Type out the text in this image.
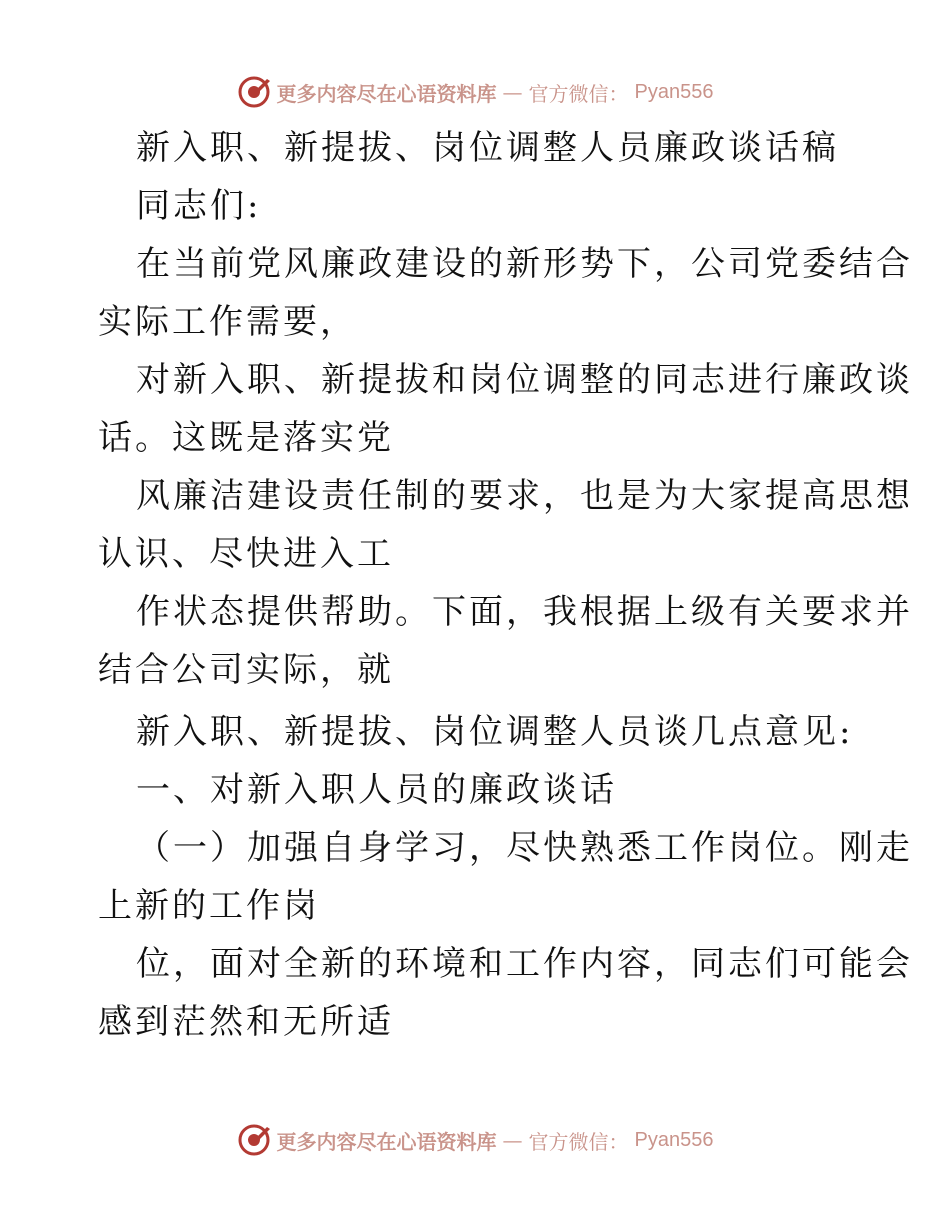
更多内容尽在心语资料库 — 官方微信： Pyan556
新入职、新提拔、岗位调整人员廉政谈话稿
同志们:
在当前党风廉政建设的新形势下，公司党委结合
实际工作需要，
对新入职、新提拔和岗位调整的同志进行廉政谈
话。这既是落实党
风廉洁建设责任制的要求，也是为大家提高思想
认识、尽快进入工
作状态提供帮助。下面，我根据上级有关要求并
结合公司实际，就
新入职、新提拔、岗位调整人员谈几点意见:
一、对新入职人员的廉政谈话
（一）加强自身学习，尽快熟悉工作岗位。刚走
上新的工作岗
位，面对全新的环境和工作内容，同志们可能会
感到茫然和无所适
更多内容尽在心语资料库 — 官方微信： Pyan556
